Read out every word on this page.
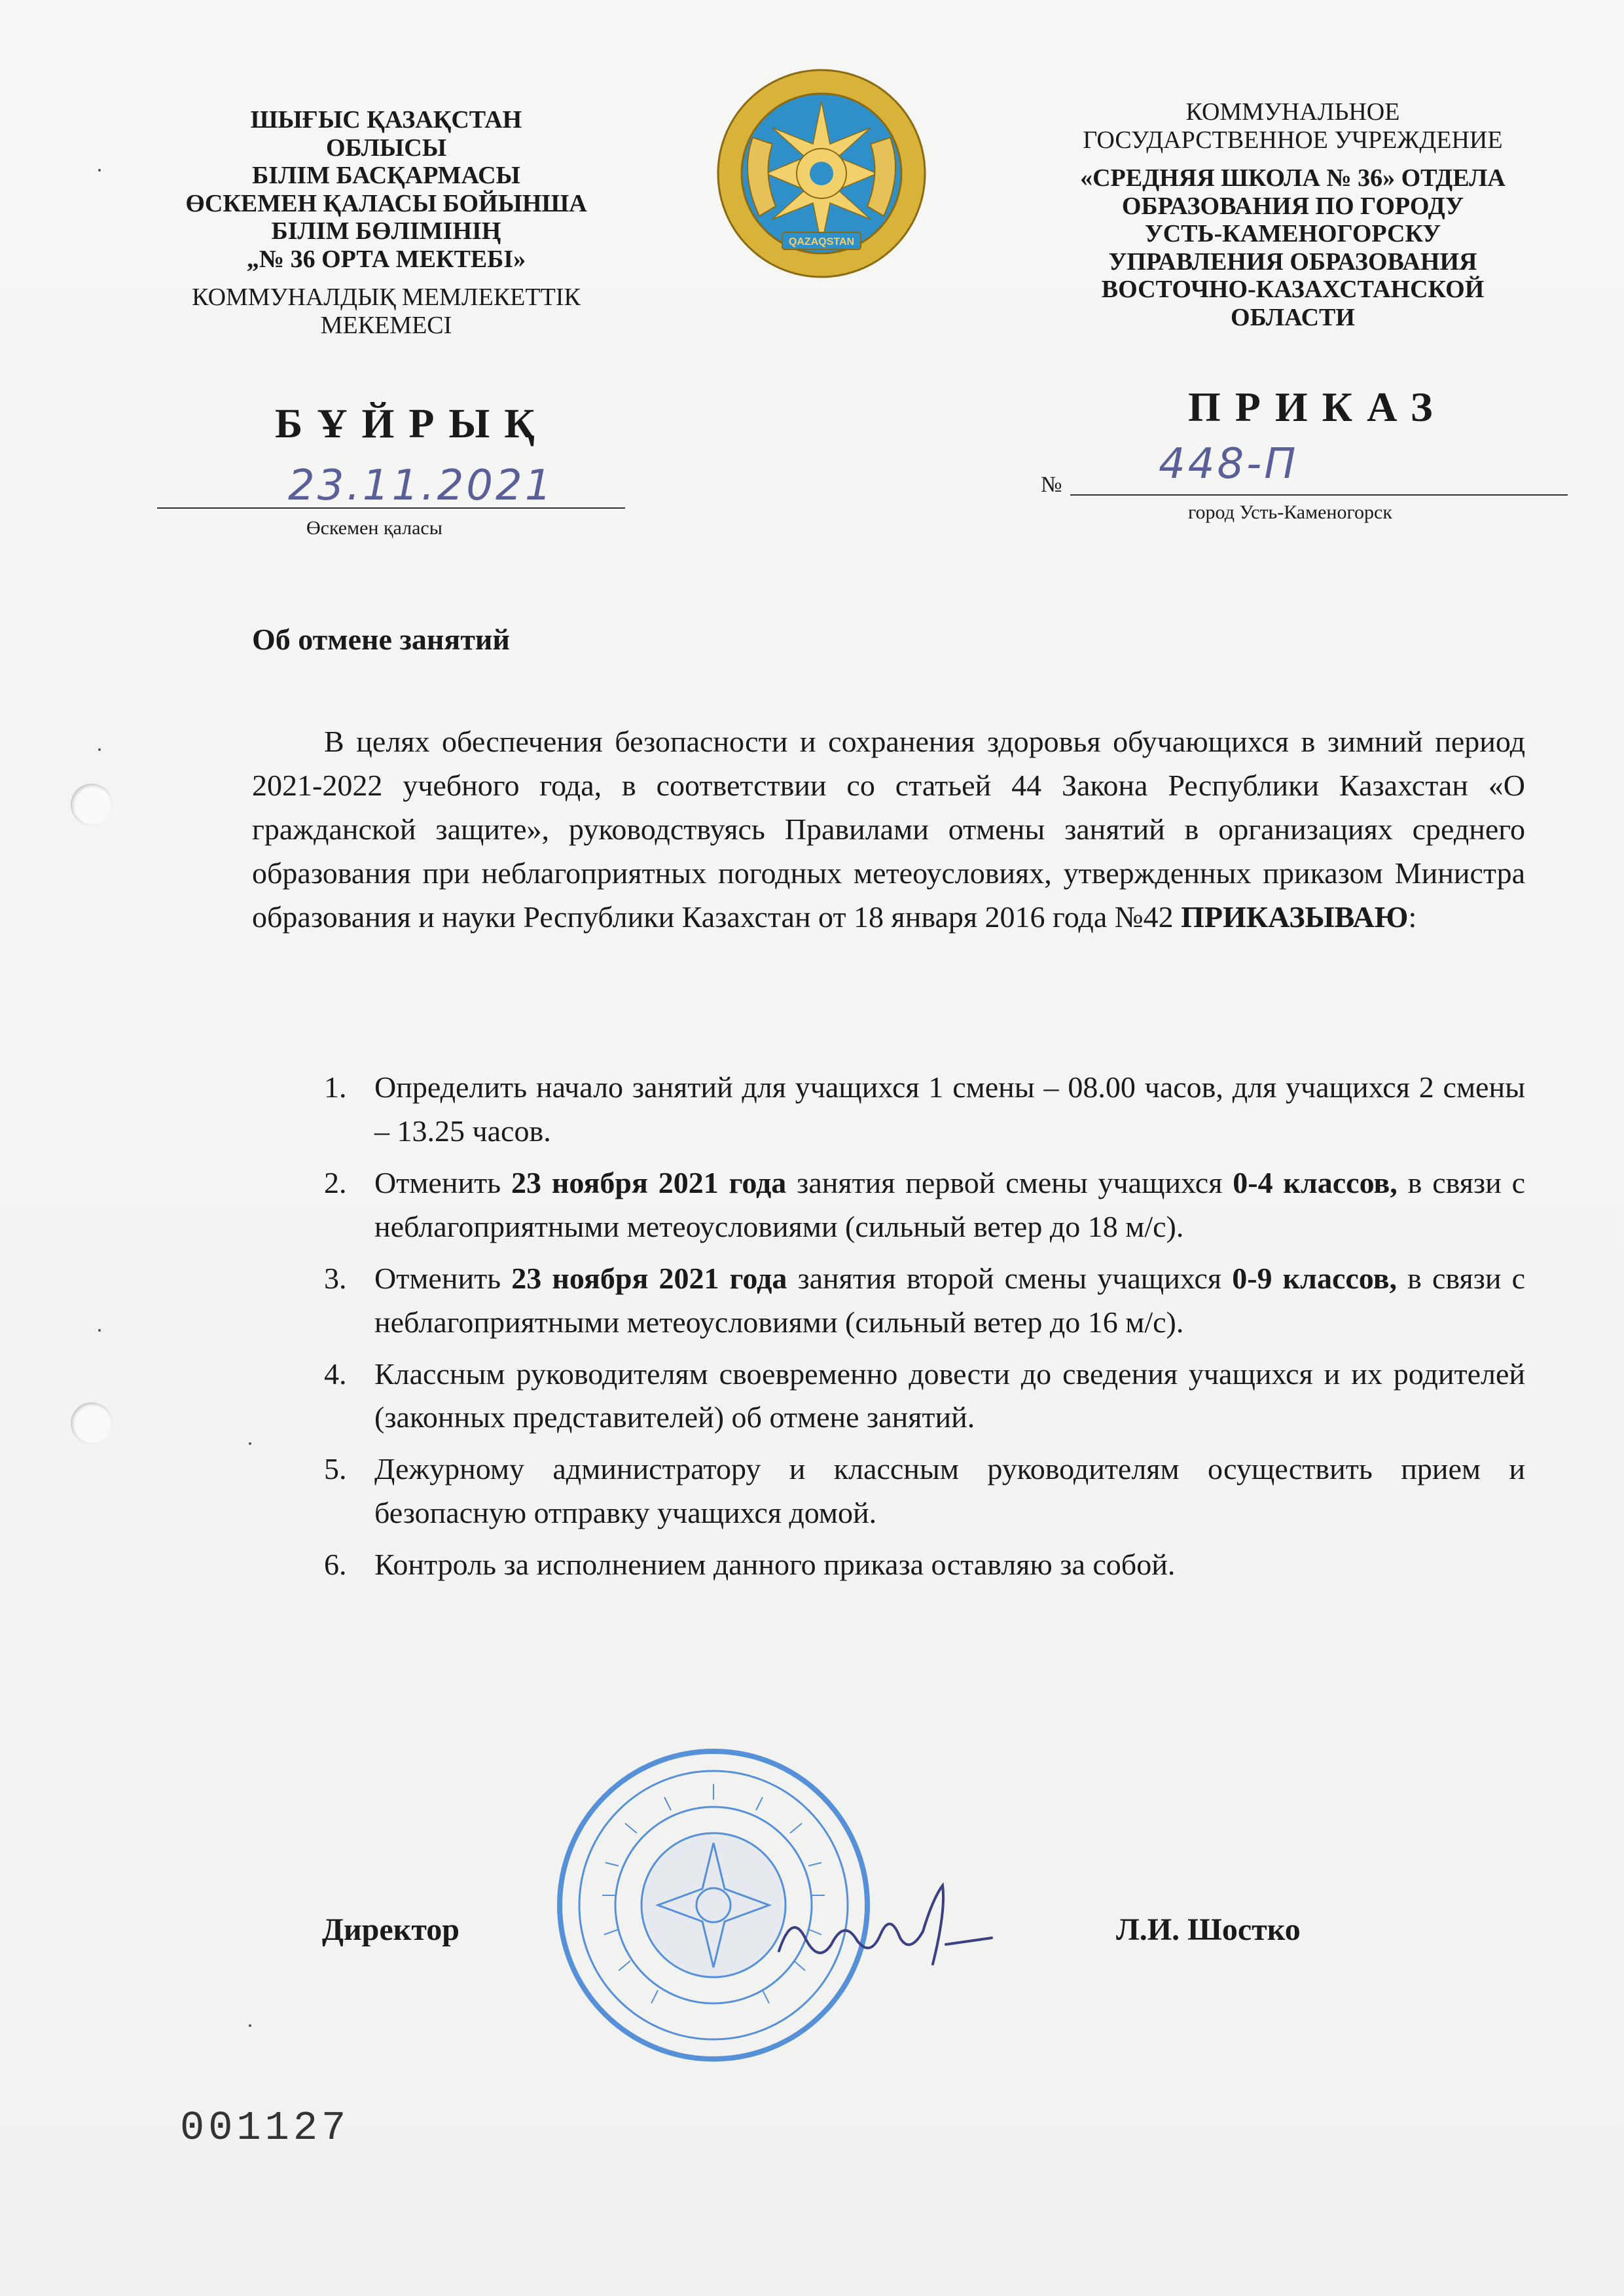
ШЫҒЫС ҚАЗАҚСТАН
ОБЛЫСЫ
БІЛІМ БАСҚАРМАСЫ
ӨСКЕМЕН ҚАЛАСЫ БОЙЫНША
БІЛІМ БӨЛІМІНІҢ
„№ 36 ОРТА МЕКТЕБІ»
КОММУНАЛДЫҚ МЕМЛЕКЕТТІК
МЕКЕМЕСІ
QAZAQSTAN
КОММУНАЛЬНОЕ
ГОСУДАРСТВЕННОЕ УЧРЕЖДЕНИЕ
«СРЕДНЯЯ ШКОЛА № 36» ОТДЕЛА
ОБРАЗОВАНИЯ ПО ГОРОДУ
УСТЬ-КАМЕНОГОРСКУ
УПРАВЛЕНИЯ ОБРАЗОВАНИЯ
ВОСТОЧНО-КАЗАХСТАНСКОЙ
ОБЛАСТИ
БҰЙРЫҚ	ПРИКАЗ
23.11.2021
Өскемен қаласы
№ 448-П
город Усть-Каменогорск
Об отмене занятий

В целях обеспечения безопасности и сохранения здоровья обучающихся в зимний период 2021-2022 учебного года, в соответствии со статьей 44 Закона Республики Казахстан «О гражданской защите», руководствуясь Правилами отмены занятий в организациях среднего образования при неблагоприятных погодных метеоусловиях, утвержденных приказом Министра образования и науки Республики Казахстан от 18 января 2016 года №42 ПРИКАЗЫВАЮ:

1. Определить начало занятий для учащихся 1 смены – 08.00 часов, для учащихся 2 смены – 13.25 часов.
2. Отменить 23 ноября 2021 года занятия первой смены учащихся 0-4 классов, в связи с неблагоприятными метеоусловиями (сильный ветер до 18 м/с).
3. Отменить 23 ноября 2021 года занятия второй смены учащихся 0-9 классов, в связи с неблагоприятными метеоусловиями (сильный ветер до 16 м/с).
4. Классным руководителям своевременно довести до сведения учащихся и их родителей (законных представителей) об отмене занятий.
5. Дежурному администратору и классным руководителям осуществить прием и безопасную отправку учащихся домой.
6. Контроль за исполнением данного приказа оставляю за собой.
Директор	Л.И. Шостко
001127
